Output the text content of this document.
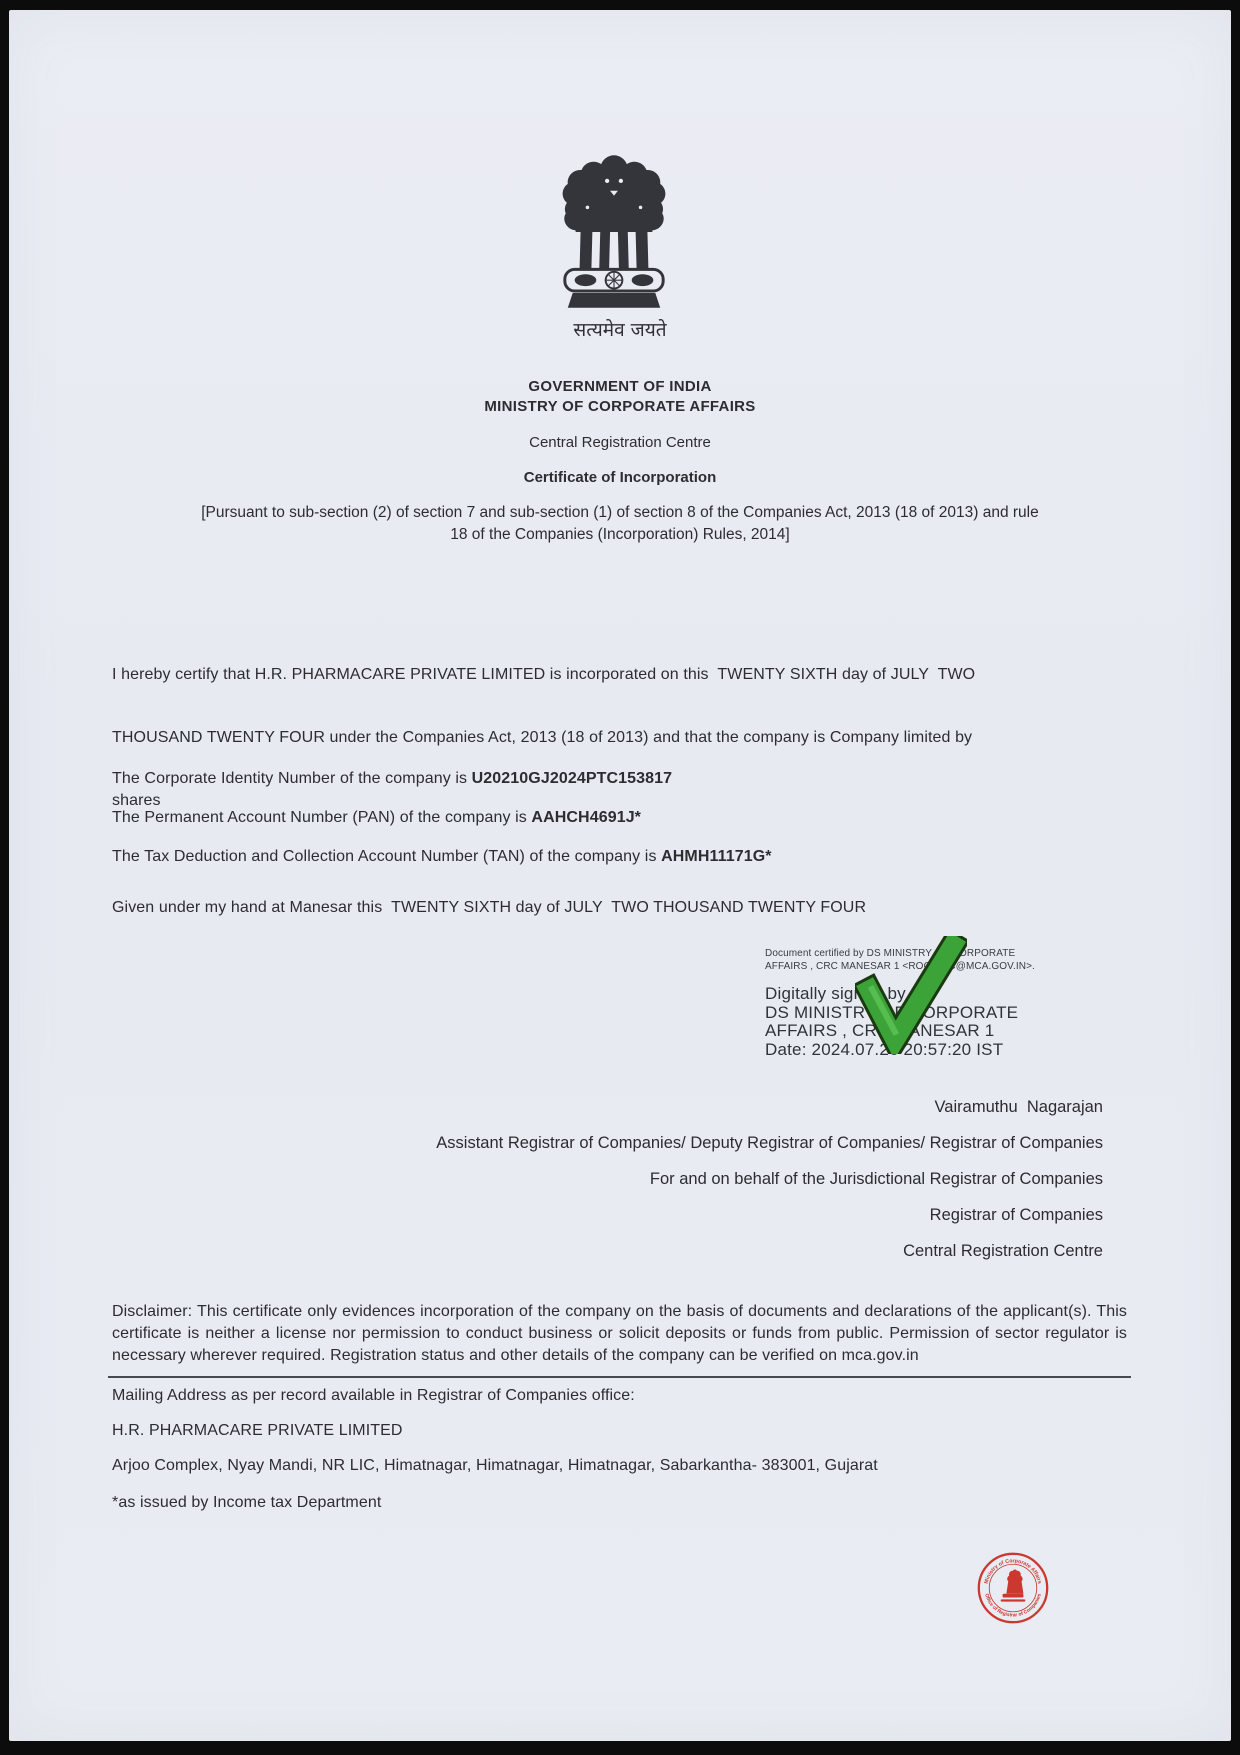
सत्यमेव जयते
GOVERNMENT OF INDIA
MINISTRY OF CORPORATE AFFAIRS
Central Registration Centre
Certificate of Incorporation
[Pursuant to sub-section (2) of section 7 and sub-section (1) of section 8 of the Companies Act, 2013 (18 of 2013) and rule
18 of the Companies (Incorporation) Rules, 2014]

I hereby certify that H.R. PHARMACARE PRIVATE LIMITED is incorporated on this  TWENTY SIXTH day of JULY  TWO

THOUSAND TWENTY FOUR under the Companies Act, 2013 (18 of 2013) and that the company is Company limited by

shares

The Corporate Identity Number of the company is U20210GJ2024PTC153817
The Permanent Account Number (PAN) of the company is AAHCH4691J*
The Tax Deduction and Collection Account Number (TAN) of the company is AHMH11171G*
Given under my hand at Manesar this  TWENTY SIXTH day of JULY  TWO THOUSAND TWENTY FOUR
Document certified by DS MINISTRY OF CORPORATE
AFFAIRS , CRC MANESAR 1 <ROC.CRC@MCA.GOV.IN>.
Digitally signed by
DS MINISTRY OF CORPORATE
AFFAIRS , CRC MANESAR 1
Date: 2024.07.26 20:57:20 IST
Vairamuthu  Nagarajan
Assistant Registrar of Companies/ Deputy Registrar of Companies/ Registrar of Companies
For and on behalf of the Jurisdictional Registrar of Companies
Registrar of Companies
Central Registration Centre
Disclaimer: This certificate only evidences incorporation of the company on the basis of documents and declarations of the applicant(s). This certificate is neither a license nor permission to conduct business or solicit deposits or funds from public. Permission of sector regulator is necessary wherever required. Registration status and other details of the company can be verified on mca.gov.in
Mailing Address as per record available in Registrar of Companies office:
H.R. PHARMACARE PRIVATE LIMITED
Arjoo Complex, Nyay Mandi, NR LIC, Himatnagar, Himatnagar, Himatnagar, Sabarkantha- 383001, Gujarat
*as issued by Income tax Department
Ministry of Corporate Affairs
Office of Registrar of Companies
